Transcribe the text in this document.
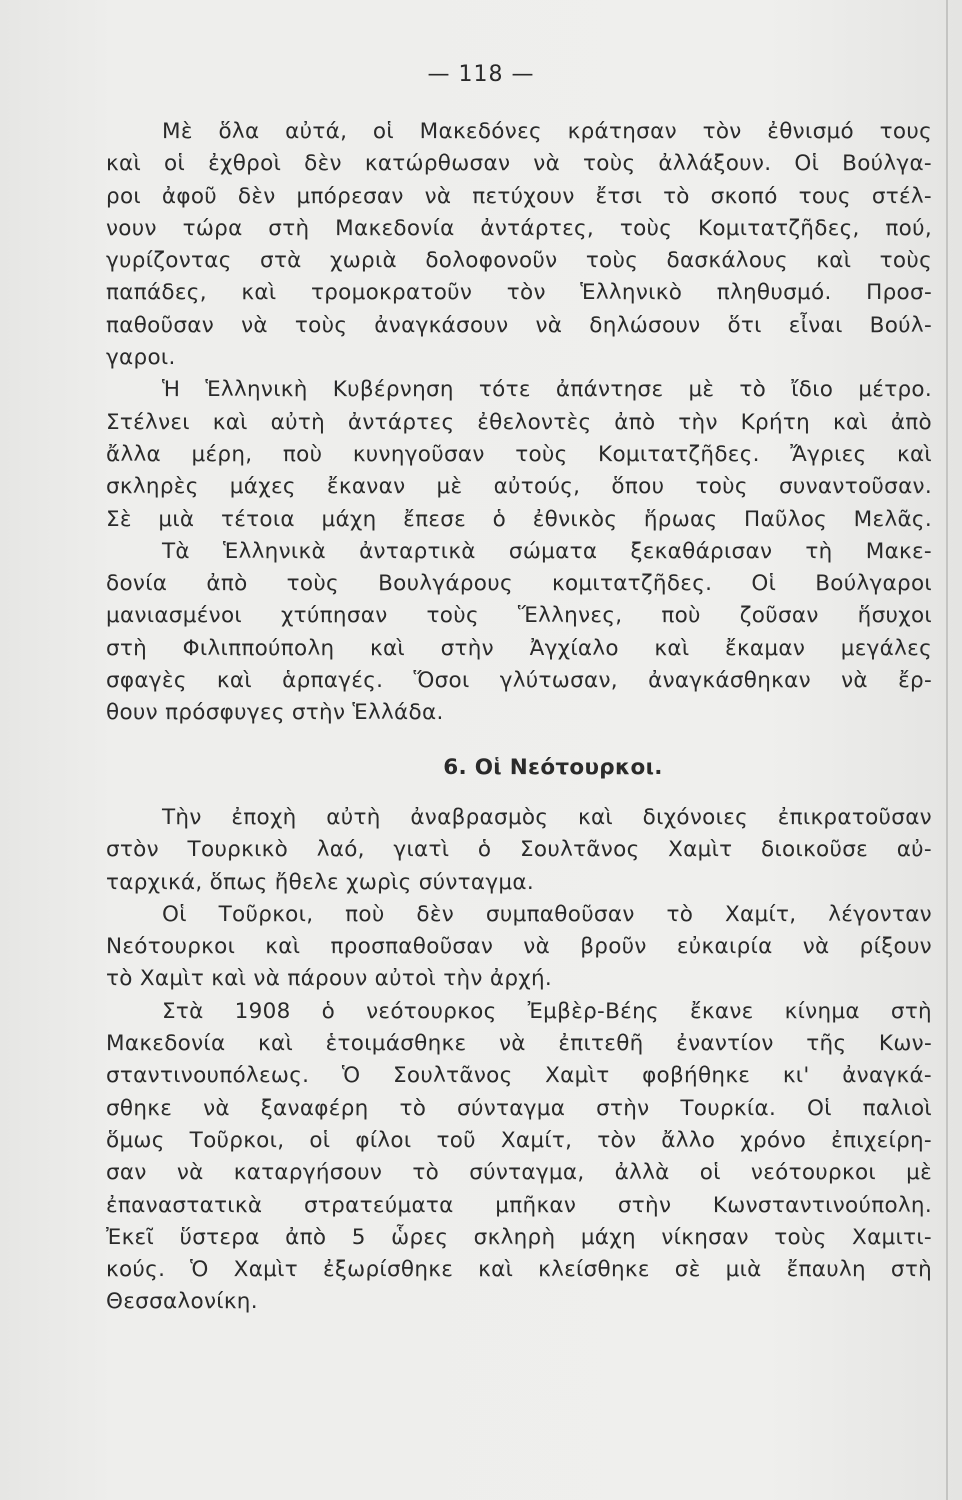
— 118 —
Μὲ ὅλα αὐτά, οἱ Μακεδόνες κράτησαν τὸν ἐθνισμό τους
καὶ οἱ ἐχθροὶ δὲν κατώρθωσαν νὰ τοὺς ἀλλάξουν. Οἱ Βούλγα-
ροι ἀφοῦ δὲν μπόρεσαν νὰ πετύχουν ἔτσι τὸ σκοπό τους στέλ-
νουν τώρα στὴ Μακεδονία ἀντάρτες, τοὺς Κομιτατζῆδες, πού,
γυρίζοντας στὰ χωριὰ δολοφονοῦν τοὺς δασκάλους καὶ τοὺς
παπάδες, καὶ τρομοκρατοῦν τὸν Ἑλληνικὸ πληθυσμό. Προσ-
παθοῦσαν νὰ τοὺς ἀναγκάσουν νὰ δηλώσουν ὅτι εἶναι Βούλ-
γαροι.
Ἡ Ἑλληνικὴ Κυβέρνηση τότε ἀπάντησε μὲ τὸ ἴδιο μέτρο.
Στέλνει καὶ αὐτὴ ἀντάρτες ἐθελοντὲς ἀπὸ τὴν Κρήτη καὶ ἀπὸ
ἄλλα μέρη, ποὺ κυνηγοῦσαν τοὺς Κομιτατζῆδες. Ἄγριες καὶ
σκληρὲς μάχες ἔκαναν μὲ αὐτούς, ὅπου τοὺς συναντοῦσαν.
Σὲ μιὰ τέτοια μάχη ἔπεσε ὁ ἐθνικὸς ἥρωας Παῦλος Μελᾶς.
Τὰ Ἑλληνικὰ ἀνταρτικὰ σώματα ξεκαθάρισαν τὴ Μακε-
δονία ἀπὸ τοὺς Βουλγάρους κομιτατζῆδες. Οἱ Βούλγαροι
μανιασμένοι χτύπησαν τοὺς Ἕλληνες, ποὺ ζοῦσαν ἥσυχοι
στὴ Φιλιππούπολη καὶ στὴν Ἀγχίαλο καὶ ἔκαμαν μεγάλες
σφαγὲς καὶ ἁρπαγές. Ὅσοι γλύτωσαν, ἀναγκάσθηκαν νὰ ἔρ-
θουν πρόσφυγες στὴν Ἑλλάδα.
6. Οἱ Νεότουρκοι.
Τὴν ἐποχὴ αὐτὴ ἀναβρασμὸς καὶ διχόνοιες ἐπικρατοῦσαν
στὸν Τουρκικὸ λαό, γιατὶ ὁ Σουλτᾶνος Χαμὶτ διοικοῦσε αὐ-
ταρχικά, ὅπως ἤθελε χωρὶς σύνταγμα.
Οἱ Τοῦρκοι, ποὺ δὲν συμπαθοῦσαν τὸ Χαμίτ, λέγονταν
Νεότουρκοι καὶ προσπαθοῦσαν νὰ βροῦν εὐκαιρία νὰ ρίξουν
τὸ Χαμὶτ καὶ νὰ πάρουν αὐτοὶ τὴν ἀρχή.
Στὰ 1908 ὁ νεότουρκος Ἐμβὲρ-Βέης ἔκανε κίνημα στὴ
Μακεδονία καὶ ἑτοιμάσθηκε νὰ ἐπιτεθῆ ἐναντίον τῆς Κων-
σταντινουπόλεως. Ὁ Σουλτᾶνος Χαμὶτ φοβήθηκε κι' ἀναγκά-
σθηκε νὰ ξαναφέρη τὸ σύνταγμα στὴν Τουρκία. Οἱ παλιοὶ
ὅμως Τοῦρκοι, οἱ φίλοι τοῦ Χαμίτ, τὸν ἄλλο χρόνο ἐπιχείρη-
σαν νὰ καταργήσουν τὸ σύνταγμα, ἀλλὰ οἱ νεότουρκοι μὲ
ἐπαναστατικὰ στρατεύματα μπῆκαν στὴν Κωνσταντινούπολη.
Ἐκεῖ ὕστερα ἀπὸ 5 ὧρες σκληρὴ μάχη νίκησαν τοὺς Χαμιτι-
κούς. Ὁ Χαμὶτ ἐξωρίσθηκε καὶ κλείσθηκε σὲ μιὰ ἔπαυλη στὴ
Θεσσαλονίκη.
